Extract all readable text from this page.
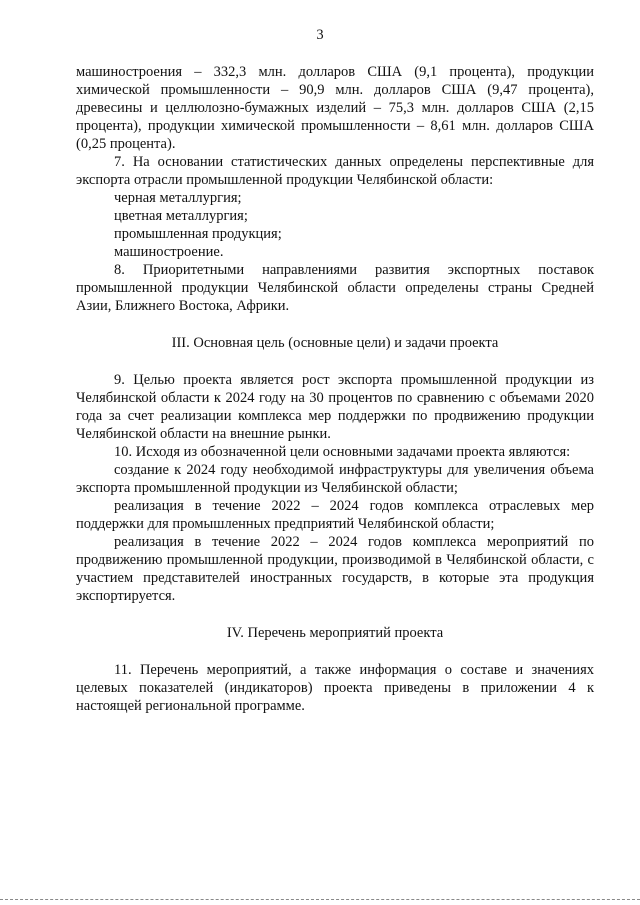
3

машиностроения – 332,3 млн. долларов США (9,1 процента), продукции химической промышленности – 90,9 млн. долларов США (9,47 процента), древесины и целлюлозно-бумажных изделий – 75,3 млн. долларов США (2,15 процента), продукции химической промышленности – 8,61 млн. долларов США (0,25 процента).

7. На основании статистических данных определены перспективные для экспорта отрасли промышленной продукции Челябинской области:

черная металлургия;

цветная металлургия;

промышленная продукция;

машиностроение.

8. Приоритетными направлениями развития экспортных поставок промышленной продукции Челябинской области определены страны Средней Азии, Ближнего Востока, Африки.

III. Основная цель (основные цели) и задачи проекта

9. Целью проекта является рост экспорта промышленной продукции из Челябинской области к 2024 году на 30 процентов по сравнению с объемами 2020 года за счет реализации комплекса мер поддержки по продвижению продукции Челябинской области на внешние рынки.

10. Исходя из обозначенной цели основными задачами проекта являются:

создание к 2024 году необходимой инфраструктуры для увеличения объема экспорта промышленной продукции из Челябинской области;

реализация в течение 2022 – 2024 годов комплекса отраслевых мер поддержки для промышленных предприятий Челябинской области;

реализация в течение 2022 – 2024 годов комплекса мероприятий по продвижению промышленной продукции, производимой в Челябинской области, с участием представителей иностранных государств, в которые эта продукция экспортируется.

IV. Перечень мероприятий проекта

11. Перечень мероприятий, а также информация о составе и значениях целевых показателей (индикаторов) проекта приведены в приложении 4 к настоящей региональной программе.
